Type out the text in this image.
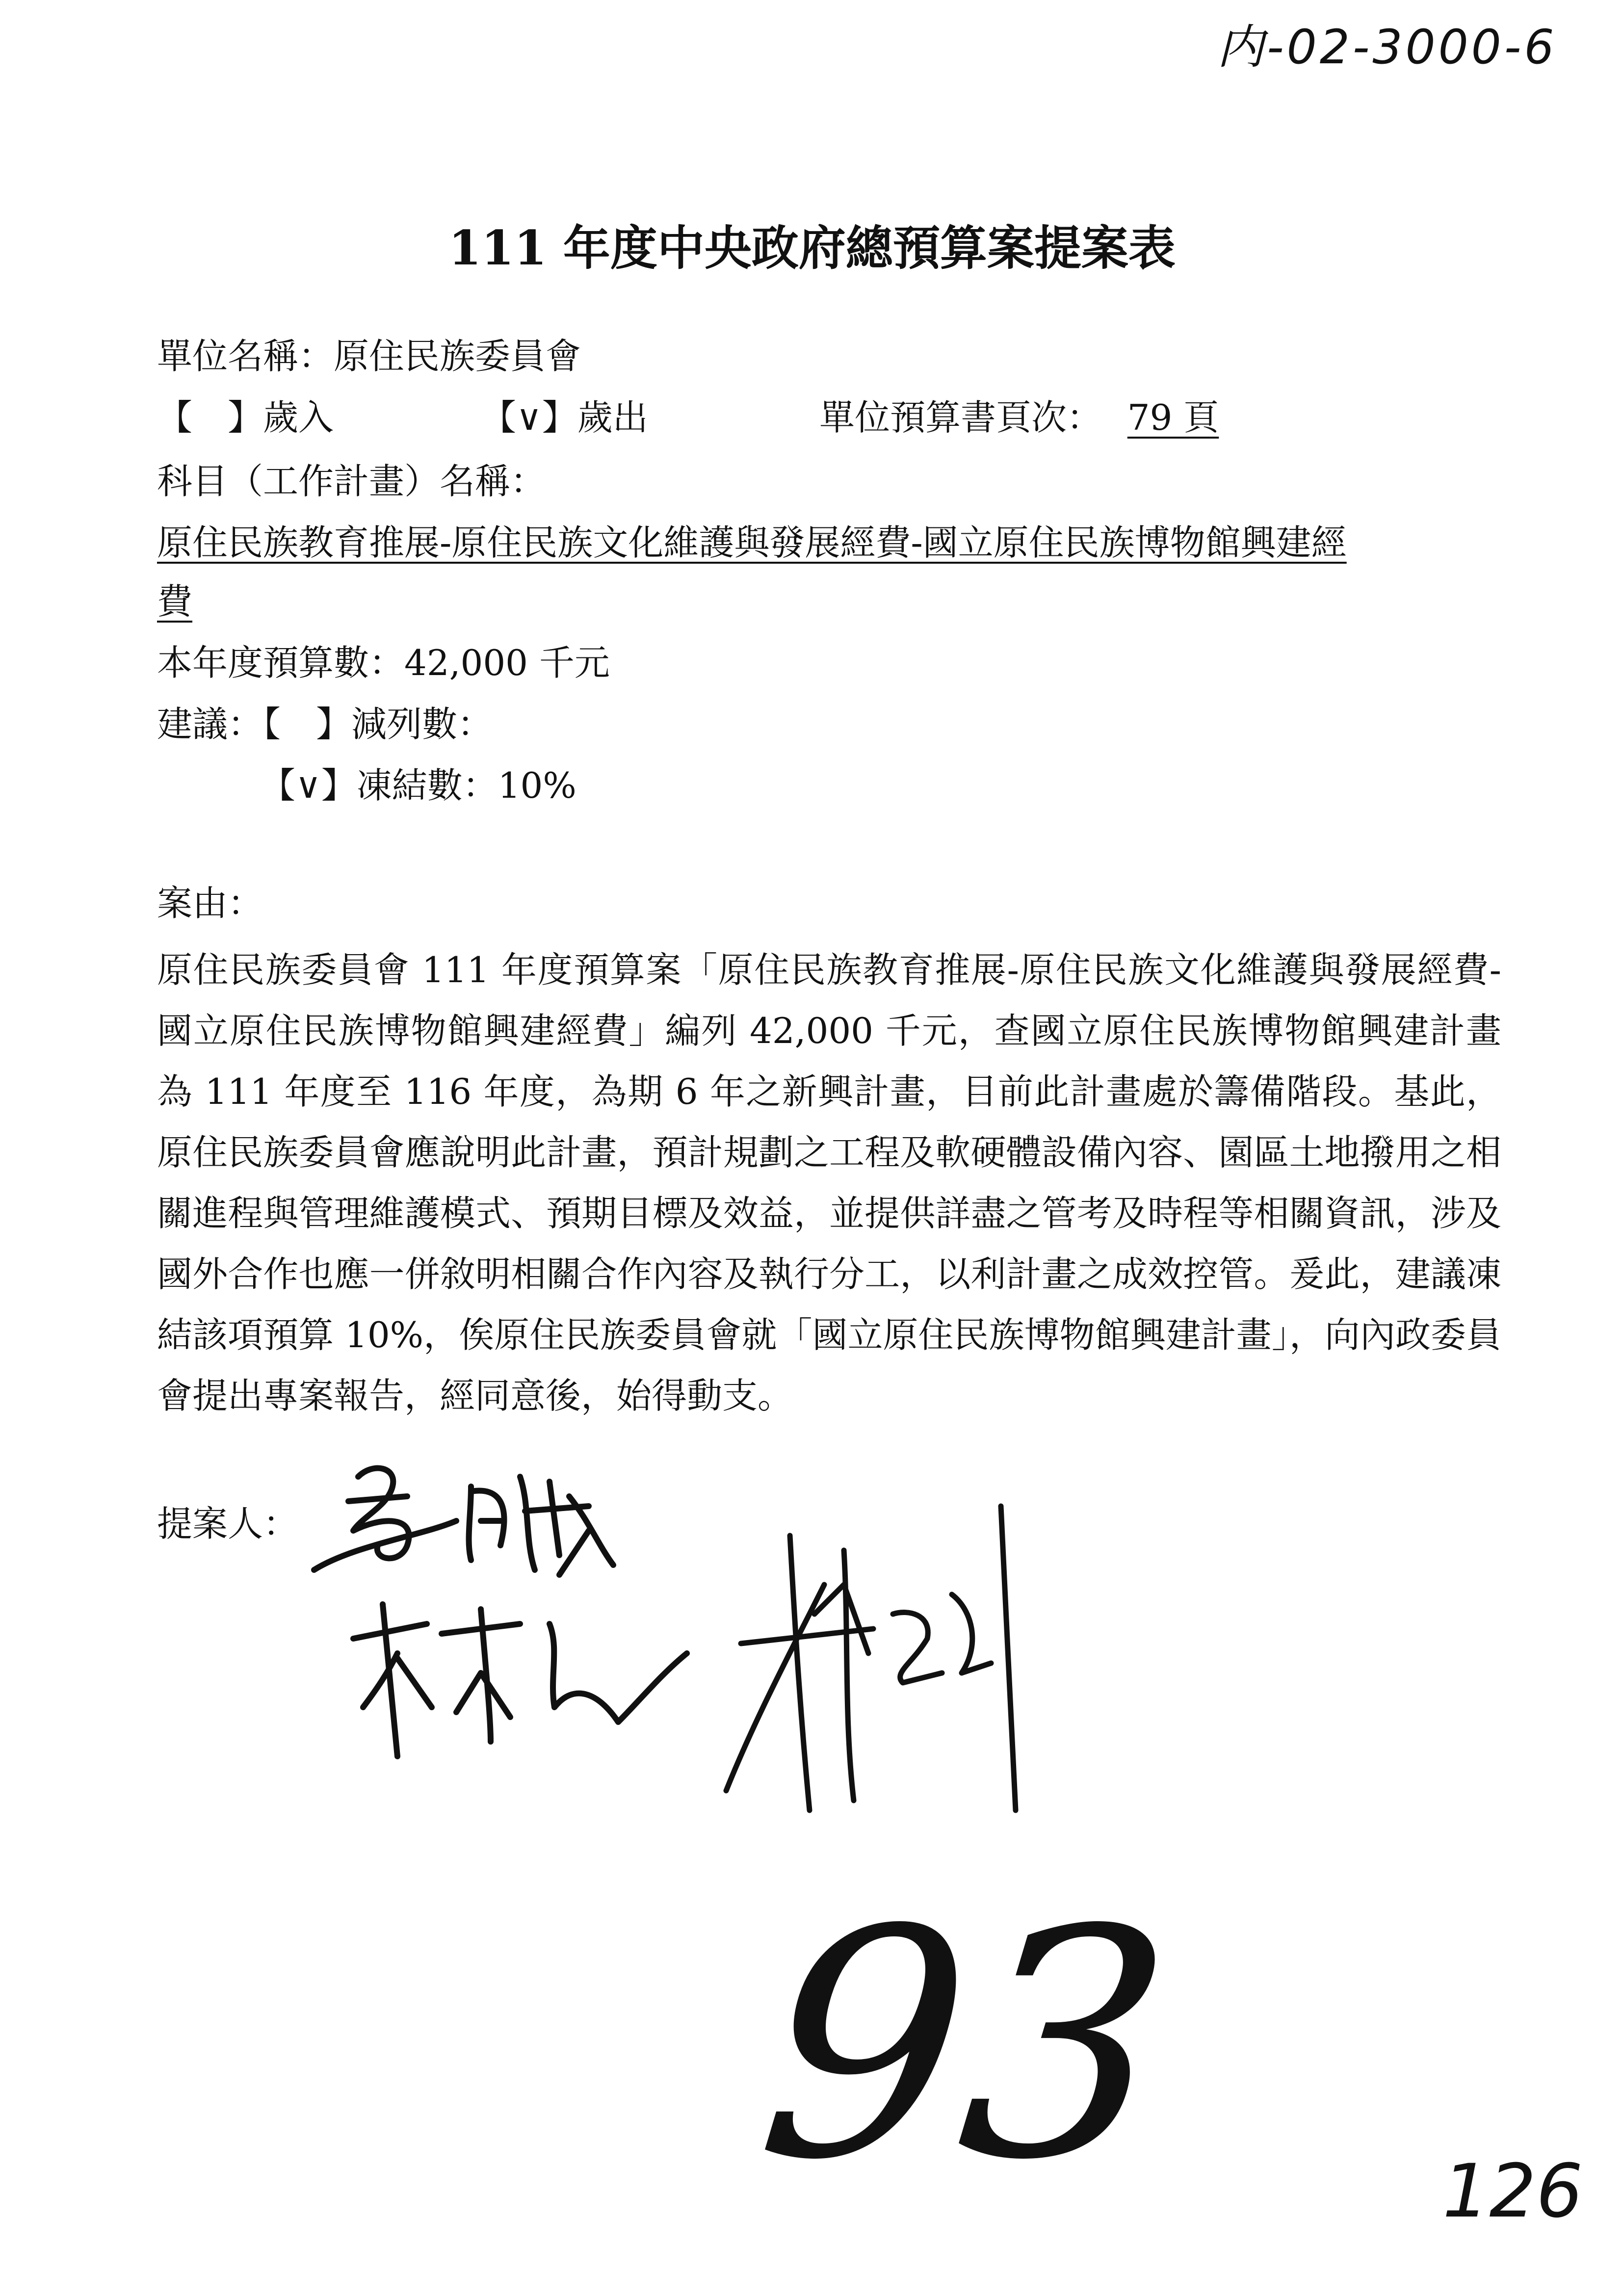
内-02-3000-6
111 年度中央政府總預算案提案表
單位名稱：原住民族委員會
【　】歲入	【∨】歲出	單位預算書頁次： 79 頁
科目（工作計畫）名稱：
原住民族教育推展-原住民族文化維護與發展經費-國立原住民族博物館興建經
費
本年度預算數：42,000 千元
建議：【　】減列數：
【∨】凍結數：10%
案由：
原住民族委員會 111 年度預算案「原住民族教育推展-原住民族文化維護與發展經費-國立原住民族博物館興建經費」編列 42,000 千元，查國立原住民族博物館興建計畫為 111 年度至 116 年度，為期 6 年之新興計畫，目前此計畫處於籌備階段。基此，原住民族委員會應說明此計畫，預計規劃之工程及軟硬體設備內容、園區土地撥用之相關進程與管理維護模式、預期目標及效益，並提供詳盡之管考及時程等相關資訊，涉及國外合作也應一併敘明相關合作內容及執行分工，以利計畫之成效控管。爰此，建議凍結該項預算 10%，俟原住民族委員會就「國立原住民族博物館興建計畫」，向內政委員會提出專案報告，經同意後，始得動支。
提案人：
93	126
